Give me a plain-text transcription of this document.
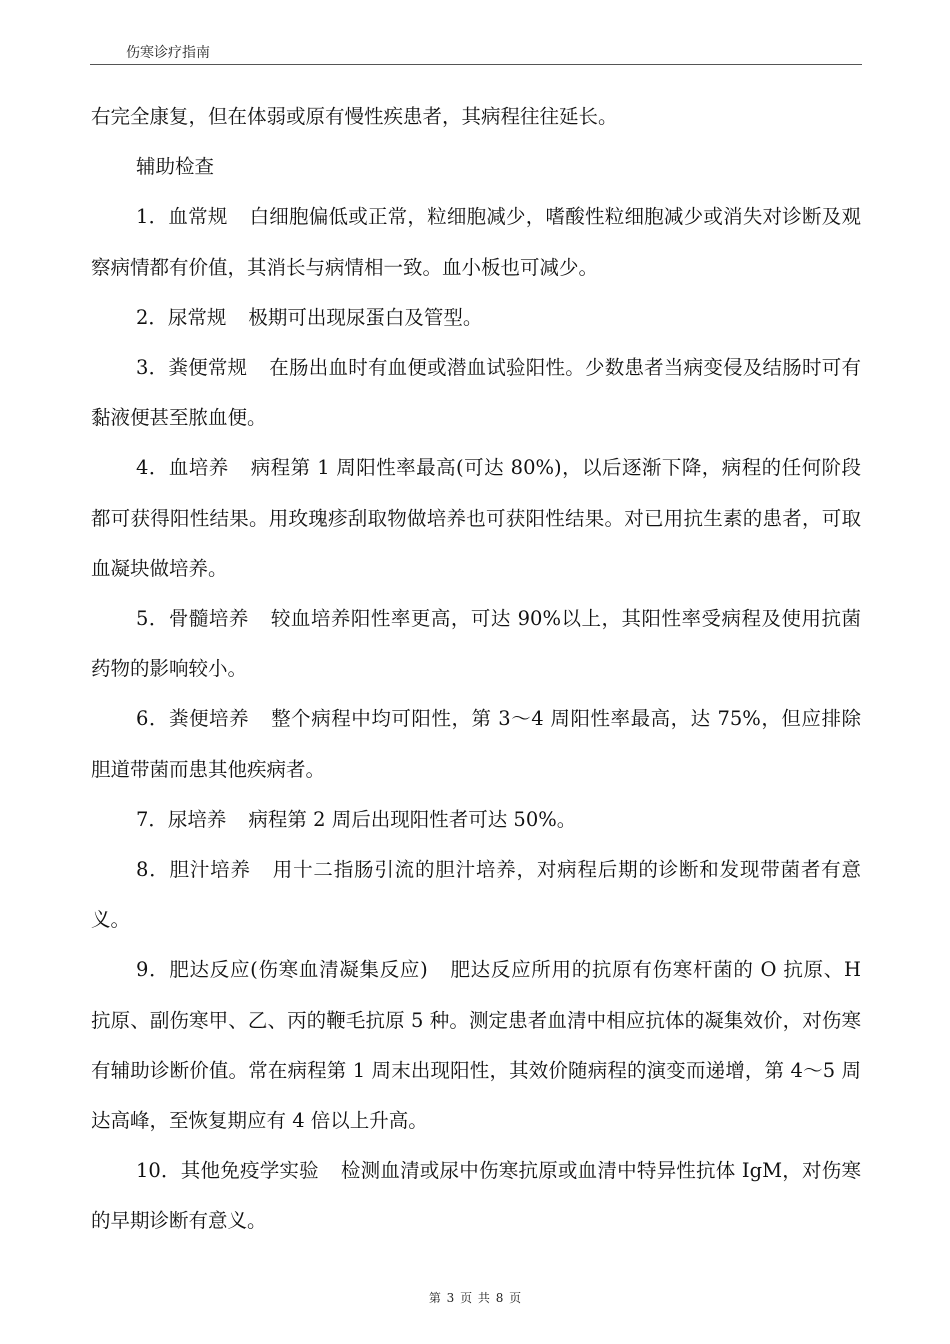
伤寒诊疗指南

右完全康复，但在体弱或原有慢性疾患者，其病程往往延长。

辅助检查

1．血常规 白细胞偏低或正常，粒细胞减少，嗜酸性粒细胞减少或消失对诊断及观察病情都有价值，其消长与病情相一致。血小板也可减少。

2．尿常规 极期可出现尿蛋白及管型。

3．粪便常规 在肠出血时有血便或潜血试验阳性。少数患者当病变侵及结肠时可有黏液便甚至脓血便。

4．血培养 病程第 1 周阳性率最高(可达 80%)，以后逐渐下降，病程的任何阶段都可获得阳性结果。用玫瑰疹刮取物做培养也可获阳性结果。对已用抗生素的患者，可取血凝块做培养。

5．骨髓培养 较血培养阳性率更高，可达 90%以上，其阳性率受病程及使用抗菌药物的影响较小。

6．粪便培养 整个病程中均可阳性，第 3～4 周阳性率最高，达 75%，但应排除胆道带菌而患其他疾病者。

7．尿培养 病程第 2 周后出现阳性者可达 50%。

8．胆汁培养 用十二指肠引流的胆汁培养，对病程后期的诊断和发现带菌者有意义。

9．肥达反应(伤寒血清凝集反应) 肥达反应所用的抗原有伤寒杆菌的 O 抗原、H 抗原、副伤寒甲、乙、丙的鞭毛抗原 5 种。测定患者血清中相应抗体的凝集效价，对伤寒有辅助诊断价值。常在病程第 1 周末出现阳性，其效价随病程的演变而递增，第 4～5 周达高峰，至恢复期应有 4 倍以上升高。

10．其他免疫学实验 检测血清或尿中伤寒抗原或血清中特异性抗体 IgM，对伤寒的早期诊断有意义。

第 3 页 共 8 页
